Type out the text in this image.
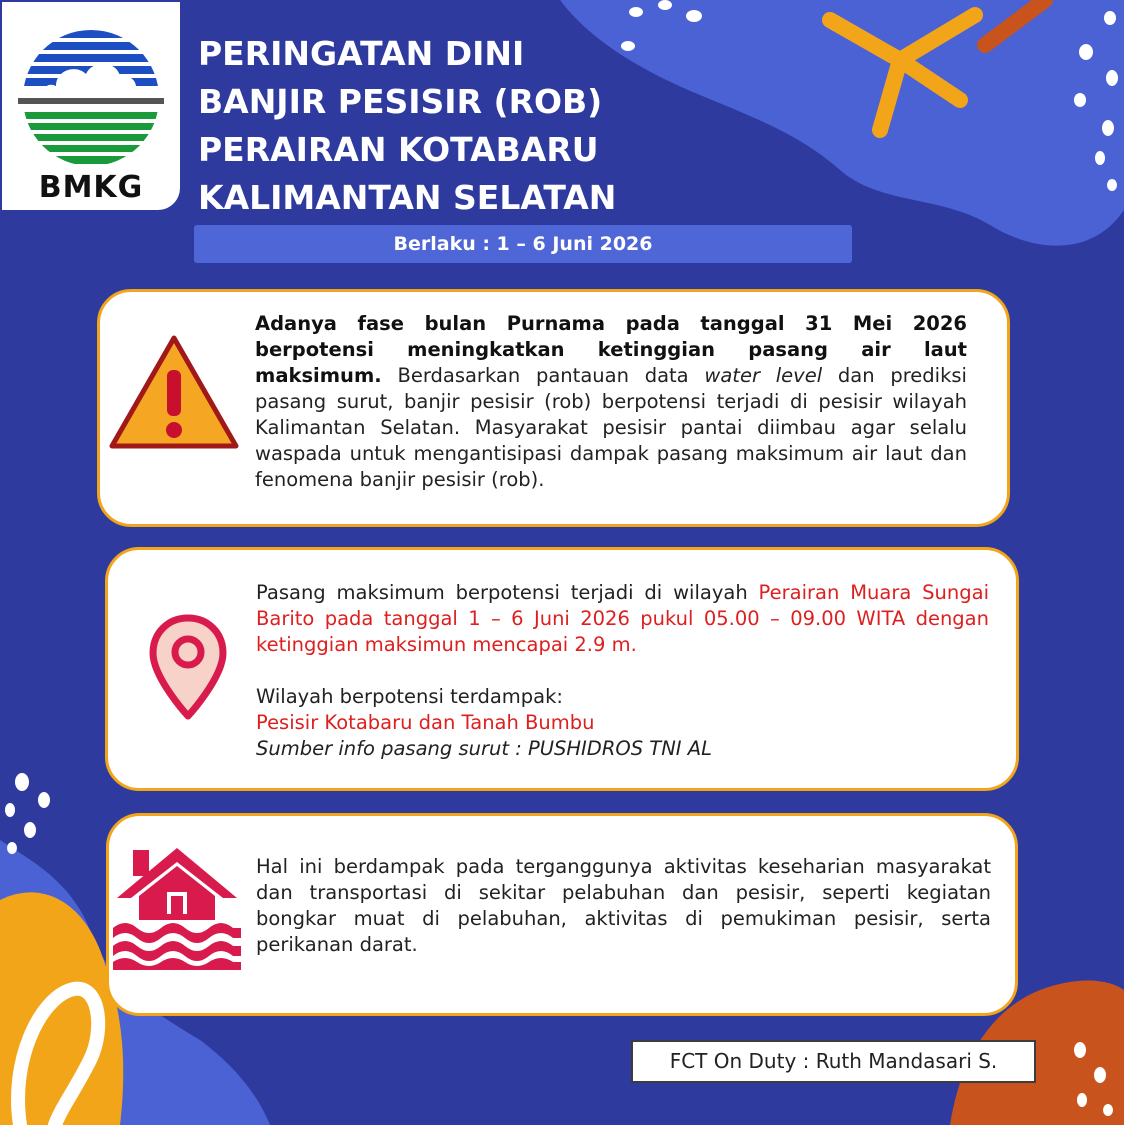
BMKG
PERINGATAN DINI
BANJIR PESISIR (ROB)
PERAIRAN KOTABARU
KALIMANTAN SELATAN
Berlaku : 1 – 6 Juni 2026
Adanya fase bulan Purnama pada tanggal 31 Mei 2026 berpotensi meningkatkan ketinggian pasang air laut maksimum. Berdasarkan pantauan data water level dan prediksi pasang surut, banjir pesisir (rob) berpotensi terjadi di pesisir wilayah Kalimantan Selatan. Masyarakat pesisir pantai diimbau agar selalu waspada untuk mengantisipasi dampak pasang maksimum air laut dan fenomena banjir pesisir (rob).
Pasang maksimum berpotensi terjadi di wilayah Perairan Muara Sungai Barito pada tanggal 1 – 6 Juni 2026 pukul 05.00 – 09.00 WITA dengan ketinggian maksimun mencapai 2.9 m.
Wilayah berpotensi terdampak:
Pesisir Kotabaru dan Tanah Bumbu
Sumber info pasang surut : PUSHIDROS TNI AL
Hal ini berdampak pada terganggunya aktivitas keseharian masyarakat dan transportasi di sekitar pelabuhan dan pesisir, seperti kegiatan bongkar muat di pelabuhan, aktivitas di pemukiman pesisir, serta perikanan darat.
FCT On Duty : Ruth Mandasari S.
